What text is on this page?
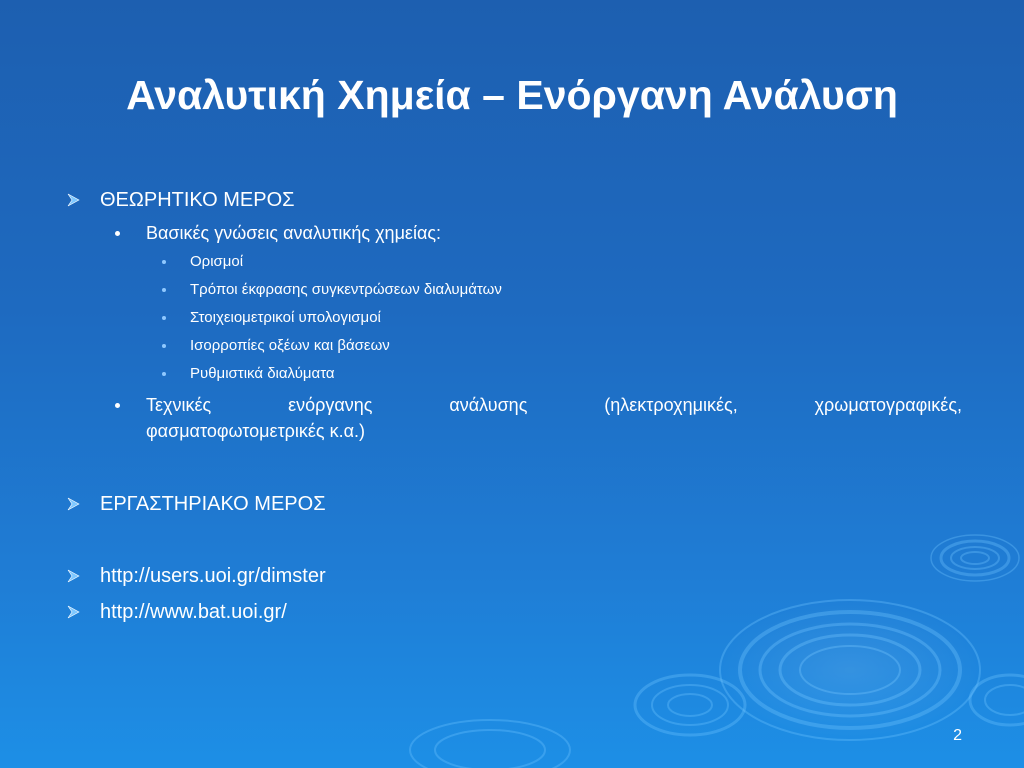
Αναλυτική Χημεία – Ενόργανη Ανάλυση
ΘΕΩΡΗΤΙΚΟ ΜΕΡΟΣ
Βασικές γνώσεις αναλυτικής χημείας:
Ορισμοί
Τρόποι έκφρασης συγκεντρώσεων διαλυμάτων
Στοιχειομετρικοί υπολογισμοί
Ισορροπίες οξέων και βάσεων
Ρυθμιστικά διαλύματα
Τεχνικές ενόργανης ανάλυσης (ηλεκτροχημικές, χρωματογραφικές,
φασματοφωτομετρικές κ.α.)
ΕΡΓΑΣΤΗΡΙΑΚΟ ΜΕΡΟΣ
http://users.uoi.gr/dimster
http://www.bat.uoi.gr/
2
